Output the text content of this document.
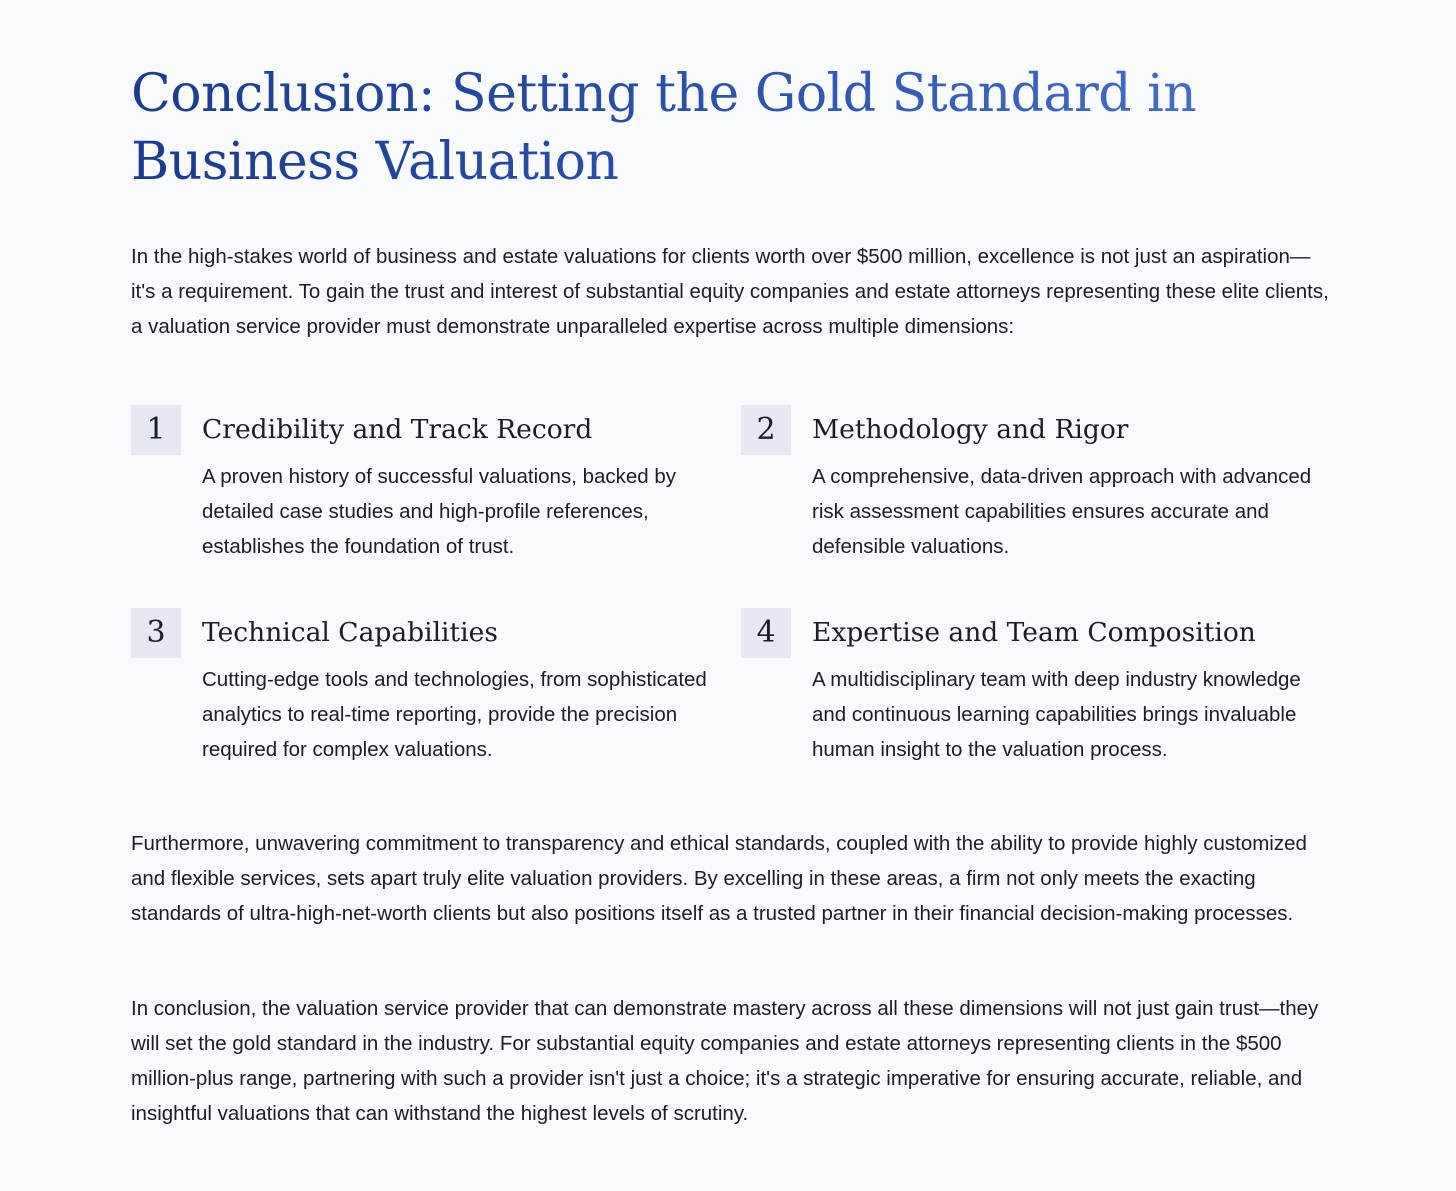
Conclusion: Setting the Gold Standard in Business Valuation

In the high-stakes world of business and estate valuations for clients worth over $500 million, excellence is not just an aspiration—it's a requirement. To gain the trust and interest of substantial equity companies and estate attorneys representing these elite clients, a valuation service provider must demonstrate unparalleled expertise across multiple dimensions:

1	Credibility and Track Record

A proven history of successful valuations, backed by detailed case studies and high-profile references, establishes the foundation of trust.

2	Methodology and Rigor

A comprehensive, data-driven approach with advanced risk assessment capabilities ensures accurate and defensible valuations.

3	Technical Capabilities

Cutting-edge tools and technologies, from sophisticated analytics to real-time reporting, provide the precision required for complex valuations.

4	Expertise and Team Composition

A multidisciplinary team with deep industry knowledge and continuous learning capabilities brings invaluable human insight to the valuation process.

Furthermore, unwavering commitment to transparency and ethical standards, coupled with the ability to provide highly customized and flexible services, sets apart truly elite valuation providers. By excelling in these areas, a firm not only meets the exacting standards of ultra-high-net-worth clients but also positions itself as a trusted partner in their financial decision-making processes.

In conclusion, the valuation service provider that can demonstrate mastery across all these dimensions will not just gain trust—they will set the gold standard in the industry. For substantial equity companies and estate attorneys representing clients in the $500 million-plus range, partnering with such a provider isn't just a choice; it's a strategic imperative for ensuring accurate, reliable, and insightful valuations that can withstand the highest levels of scrutiny.
